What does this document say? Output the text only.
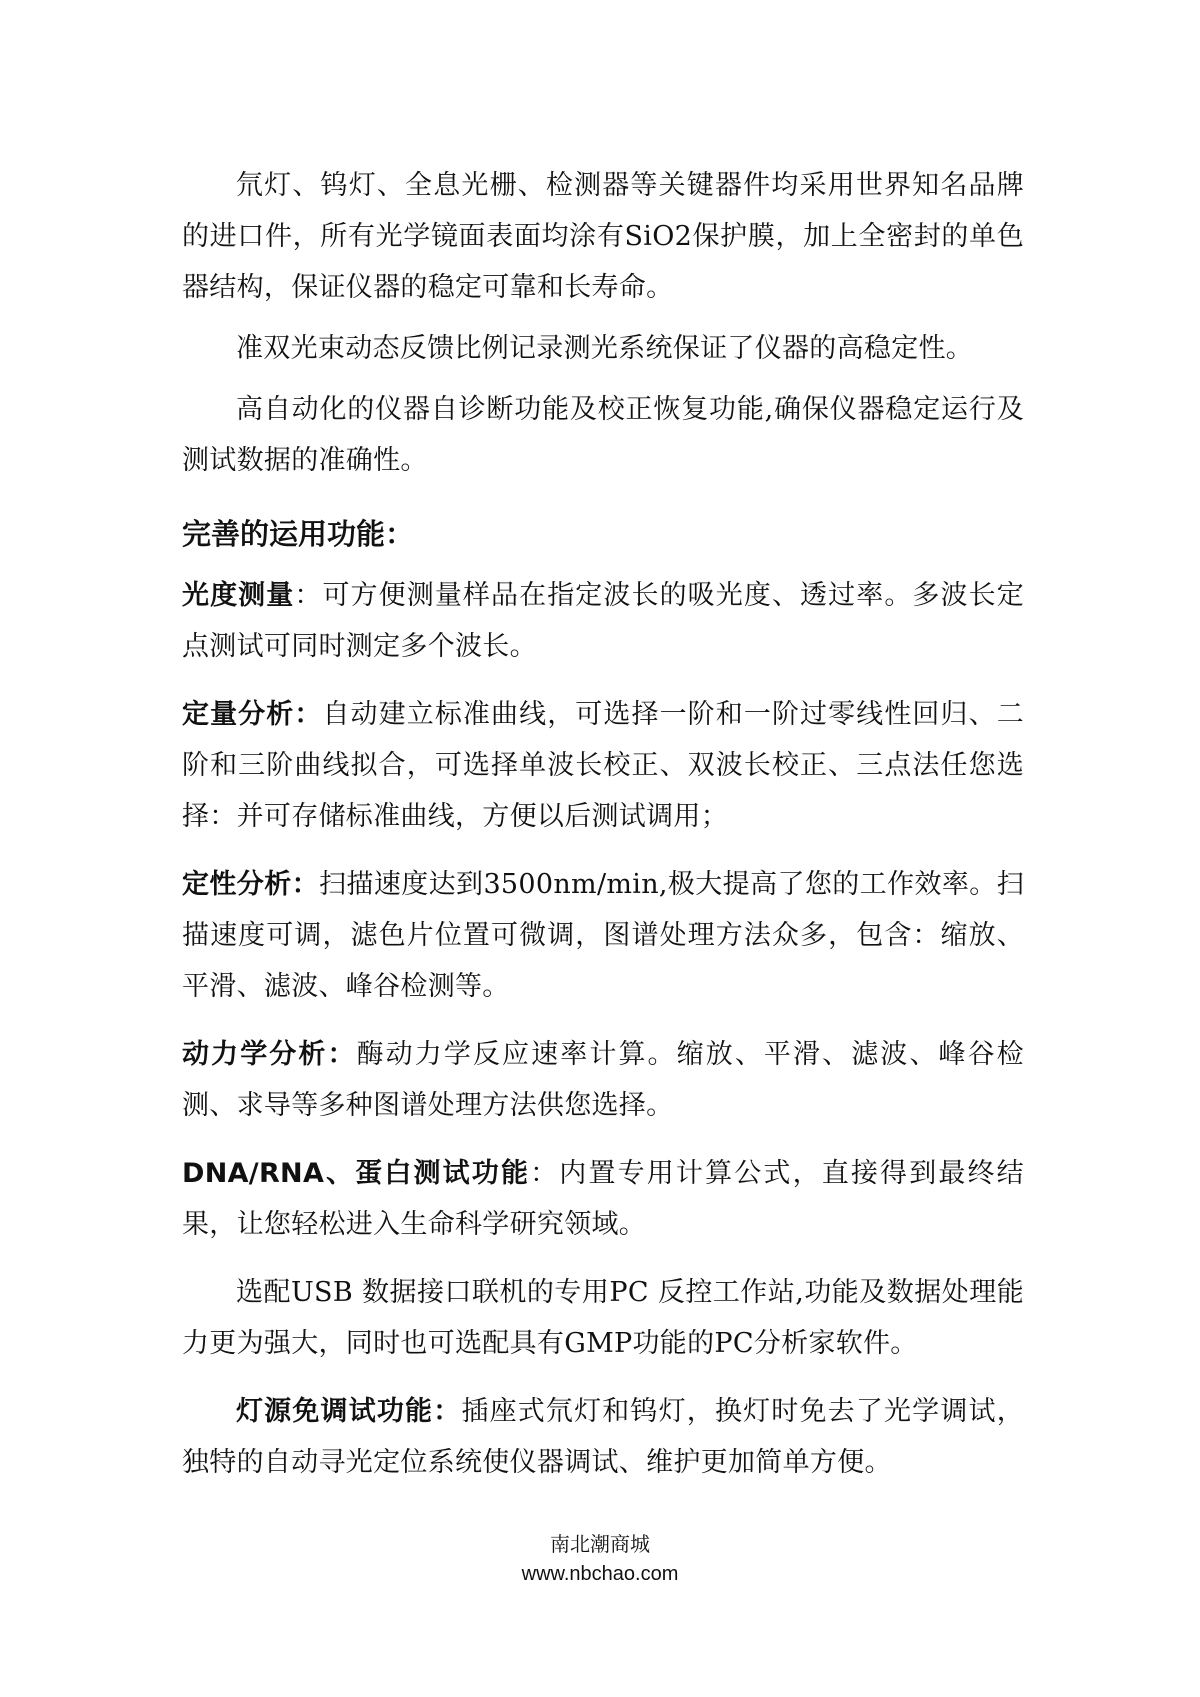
氘灯、钨灯、全息光栅、检测器等关键器件均采用世界知名品牌的进口件，所有光学镜面表面均涂有SiO2保护膜，加上全密封的单色器结构，保证仪器的稳定可靠和长寿命。

准双光束动态反馈比例记录测光系统保证了仪器的高稳定性。

高自动化的仪器自诊断功能及校正恢复功能,确保仪器稳定运行及测试数据的准确性。

完善的运用功能：

光度测量：可方便测量样品在指定波长的吸光度、透过率。多波长定点测试可同时测定多个波长。

定量分析：自动建立标准曲线，可选择一阶和一阶过零线性回归、二阶和三阶曲线拟合，可选择单波长校正、双波长校正、三点法任您选择：并可存储标准曲线，方便以后测试调用；

定性分析：扫描速度达到3500nm/min,极大提高了您的工作效率。扫描速度可调，滤色片位置可微调，图谱处理方法众多，包含：缩放、平滑、滤波、峰谷检测等。

动力学分析：酶动力学反应速率计算。缩放、平滑、滤波、峰谷检测、求导等多种图谱处理方法供您选择。

DNA/RNA、蛋白测试功能：内置专用计算公式，直接得到最终结果，让您轻松进入生命科学研究领域。

选配USB 数据接口联机的专用PC 反控工作站,功能及数据处理能力更为强大，同时也可选配具有GMP功能的PC分析家软件。

灯源免调试功能：插座式氘灯和钨灯，换灯时免去了光学调试，独特的自动寻光定位系统使仪器调试、维护更加简单方便。

南北潮商城
www.nbchao.com
